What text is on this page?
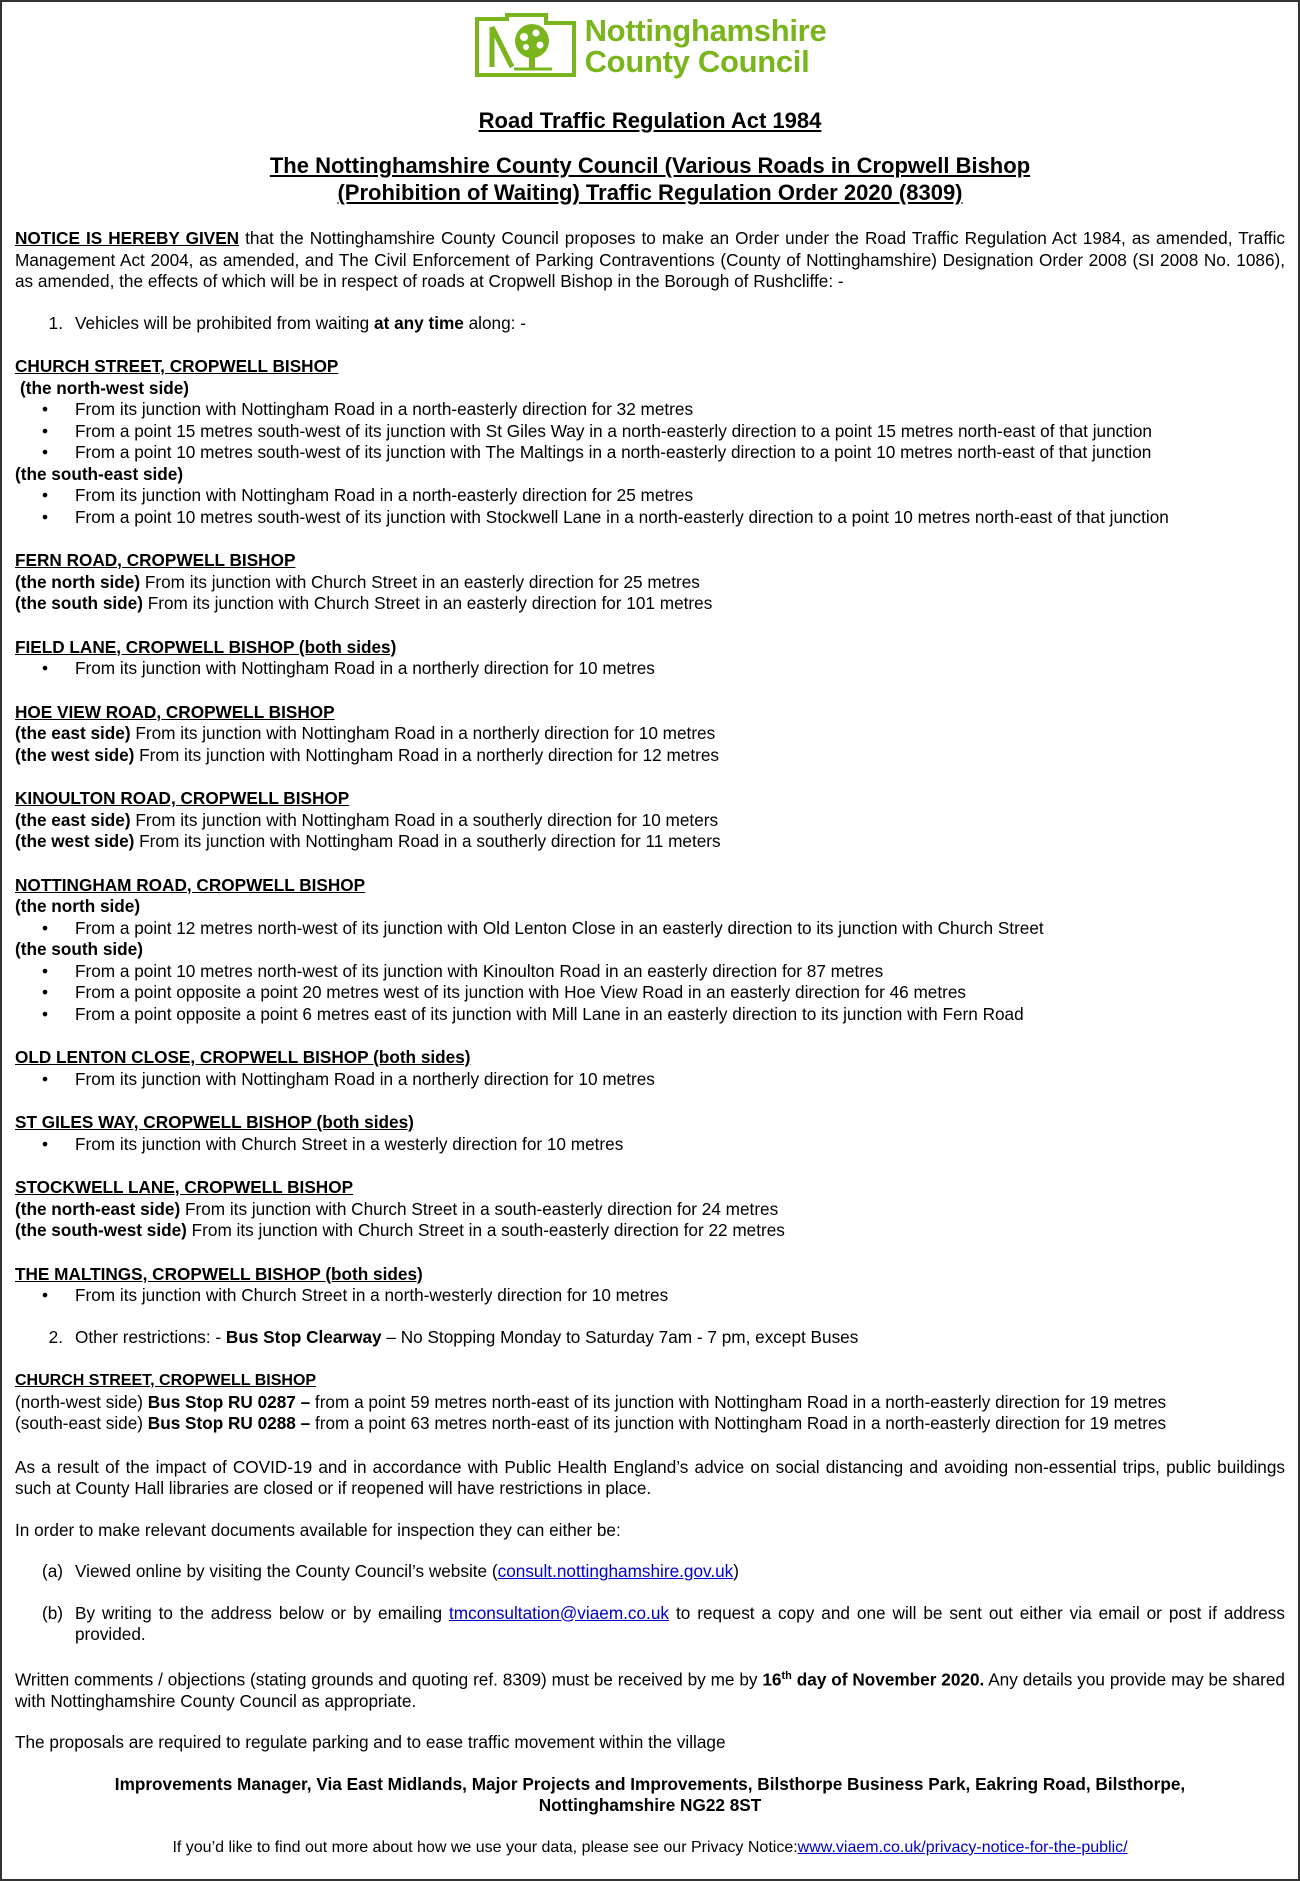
Nottinghamshire
County Council
Road Traffic Regulation Act 1984
The Nottinghamshire County Council (Various Roads in Cropwell Bishop
(Prohibition of Waiting) Traffic Regulation Order 2020 (8309)

NOTICE IS HEREBY GIVEN that the Nottinghamshire County Council proposes to make an Order under the Road Traffic Regulation Act 1984, as amended, Traffic Management Act 2004, as amended, and The Civil Enforcement of Parking Contraventions (County of Nottinghamshire) Designation Order 2008 (SI 2008 No. 1086), as amended, the effects of which will be in respect of roads at Cropwell Bishop in the Borough of Rushcliffe: -

1. Vehicles will be prohibited from waiting at any time along: -
CHURCH STREET, CROPWELL BISHOP
(the north-west side)
• From its junction with Nottingham Road in a north-easterly direction for 32 metres
• From a point 15 metres south-west of its junction with St Giles Way in a north-easterly direction to a point 15 metres north-east of that junction
• From a point 10 metres south-west of its junction with The Maltings in a north-easterly direction to a point 10 metres north-east of that junction
(the south-east side)
• From its junction with Nottingham Road in a north-easterly direction for 25 metres
• From a point 10 metres south-west of its junction with Stockwell Lane in a north-easterly direction to a point 10 metres north-east of that junction
FERN ROAD, CROPWELL BISHOP
(the north side) From its junction with Church Street in an easterly direction for 25 metres
(the south side) From its junction with Church Street in an easterly direction for 101 metres
FIELD LANE, CROPWELL BISHOP (both sides)
• From its junction with Nottingham Road in a northerly direction for 10 metres
HOE VIEW ROAD, CROPWELL BISHOP
(the east side) From its junction with Nottingham Road in a northerly direction for 10 metres
(the west side) From its junction with Nottingham Road in a northerly direction for 12 metres
KINOULTON ROAD, CROPWELL BISHOP
(the east side) From its junction with Nottingham Road in a southerly direction for 10 meters
(the west side) From its junction with Nottingham Road in a southerly direction for 11 meters
NOTTINGHAM ROAD, CROPWELL BISHOP
(the north side)
• From a point 12 metres north-west of its junction with Old Lenton Close in an easterly direction to its junction with Church Street
(the south side)
• From a point 10 metres north-west of its junction with Kinoulton Road in an easterly direction for 87 metres
• From a point opposite a point 20 metres west of its junction with Hoe View Road in an easterly direction for 46 metres
• From a point opposite a point 6 metres east of its junction with Mill Lane in an easterly direction to its junction with Fern Road
OLD LENTON CLOSE, CROPWELL BISHOP (both sides)
• From its junction with Nottingham Road in a northerly direction for 10 metres
ST GILES WAY, CROPWELL BISHOP (both sides)
• From its junction with Church Street in a westerly direction for 10 metres
STOCKWELL LANE, CROPWELL BISHOP
(the north-east side) From its junction with Church Street in a south-easterly direction for 24 metres
(the south-west side) From its junction with Church Street in a south-easterly direction for 22 metres
THE MALTINGS, CROPWELL BISHOP (both sides)
• From its junction with Church Street in a north-westerly direction for 10 metres
2. Other restrictions: - Bus Stop Clearway – No Stopping Monday to Saturday 7am - 7 pm, except Buses
CHURCH STREET, CROPWELL BISHOP
(north-west side) Bus Stop RU 0287 – from a point 59 metres north-east of its junction with Nottingham Road in a north-easterly direction for 19 metres
(south-east side) Bus Stop RU 0288 – from a point 63 metres north-east of its junction with Nottingham Road in a north-easterly direction for 19 metres

As a result of the impact of COVID-19 and in accordance with Public Health England’s advice on social distancing and avoiding non-essential trips, public buildings such at County Hall libraries are closed or if reopened will have restrictions in place.

In order to make relevant documents available for inspection they can either be:

(a) Viewed online by visiting the County Council’s website (consult.nottinghamshire.gov.uk)
(b) By writing to the address below or by emailing tmconsultation@viaem.co.uk to request a copy and one will be sent out either via email or post if address provided.

Written comments / objections (stating grounds and quoting ref. 8309) must be received by me by 16th day of November 2020. Any details you provide may be shared with Nottinghamshire County Council as appropriate.

The proposals are required to regulate parking and to ease traffic movement within the village

Improvements Manager, Via East Midlands, Major Projects and Improvements, Bilsthorpe Business Park, Eakring Road, Bilsthorpe,
Nottinghamshire NG22 8ST
If you’d like to find out more about how we use your data, please see our Privacy Notice:www.viaem.co.uk/privacy-notice-for-the-public/
